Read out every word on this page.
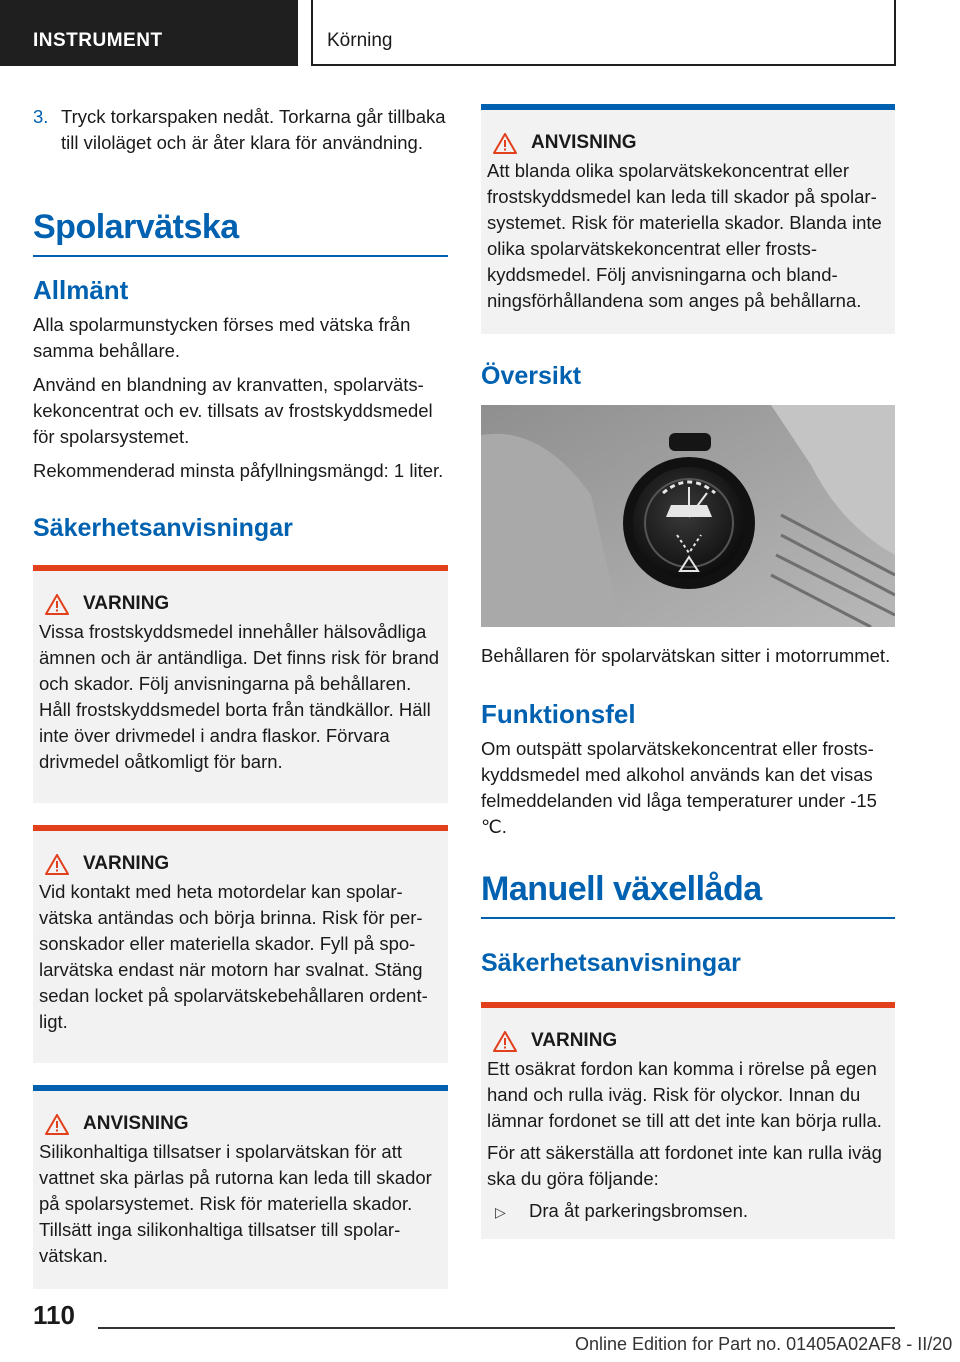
INSTRUMENT	Körning
3. Tryck torkarspaken nedåt. Torkarna går tillbaka till viloläget och är åter klara för användning.
Spolarvätska
Allmänt

Alla spolarmunstycken förses med vätska från samma behållare.

Använd en blandning av kranvatten, spolarvätskekoncentrat och ev. tillsats av frostskyddsmedel för spolarsystemet.

Rekommenderad minsta påfyllningsmängd: 1 liter.

Säkerhetsanvisningar
VARNING

Vissa frostskyddsmedel innehåller hälsovådliga ämnen och är antändliga. Det finns risk för brand och skador. Följ anvisningarna på behållaren. Håll frostskyddsmedel borta från tändkällor. Häll inte över drivmedel i andra flaskor. Förvara drivmedel oåtkomligt för barn.

VARNING

Vid kontakt med heta motordelar kan spolarvätska antändas och börja brinna. Risk för personskador eller materiella skador. Fyll på spolarvätska endast när motorn har svalnat. Stäng sedan locket på spolarvätskebehållaren ordentligt.

ANVISNING

Silikonhaltiga tillsatser i spolarvätskan för att vattnet ska pärlas på rutorna kan leda till skador på spolarsystemet. Risk för materiella skador. Tillsätt inga silikonhaltiga tillsatser till spolarvätskan.

ANVISNING

Att blanda olika spolarvätskekoncentrat eller frostskyddsmedel kan leda till skador på spolarsystemet. Risk för materiella skador. Blanda inte olika spolarvätskekoncentrat eller frostskyddsmedel. Följ anvisningarna och blandningsförhållandena som anges på behållarna.

Översikt

Behållaren för spolarvätskan sitter i motorrummet.

Funktionsfel

Om outspätt spolarvätskekoncentrat eller frostskyddsmedel med alkohol används kan det visas felmeddelanden vid låga temperaturer under -15 ℃.

Manuell växellåda
Säkerhetsanvisningar
VARNING

Ett osäkrat fordon kan komma i rörelse på egen hand och rulla iväg. Risk för olyckor. Innan du lämnar fordonet se till att det inte kan börja rulla.

För att säkerställa att fordonet inte kan rulla iväg ska du göra följande:

▷	Dra åt parkeringsbromsen.
110
Online Edition for Part no. 01405A02AF8 - II/20
